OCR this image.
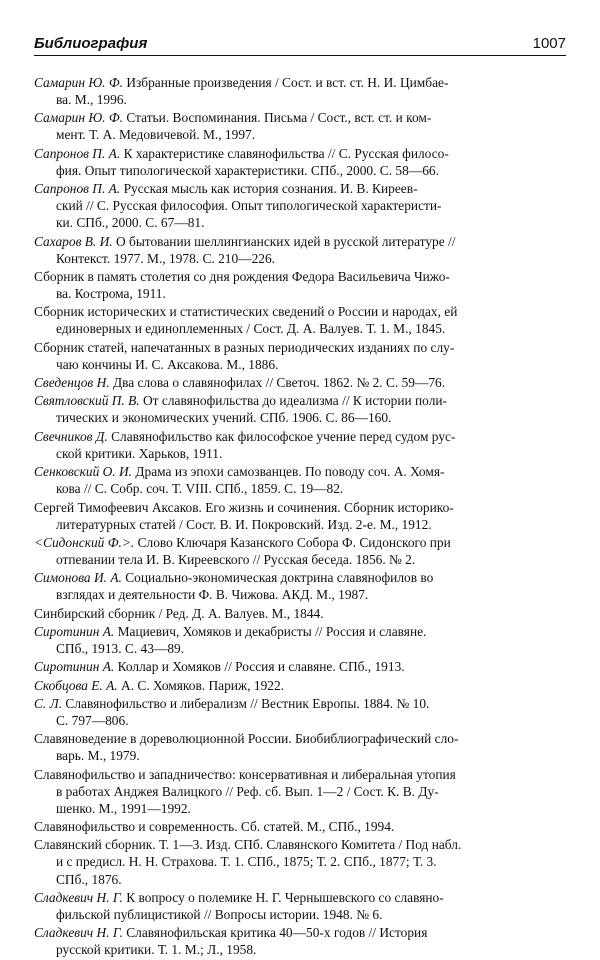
Библиография	1007
Самарин Ю. Ф. Избранные произведения / Сост. и вст. ст. Н. И. Цимбае-
ва. М., 1996.
Самарин Ю. Ф. Статьи. Воспоминания. Письма / Сост., вст. ст. и ком-
мент. Т. А. Медовичевой. М., 1997.
Сапронов П. А. К характеристике славянофильства // С. Русская филосо-
фия. Опыт типологической характеристики. СПб., 2000. С. 58—66.
Сапронов П. А. Русская мысль как история сознания. И. В. Киреев-
ский // С. Русская философия. Опыт типологической характеристи-
ки. СПб., 2000. С. 67—81.
Сахаров В. И. О бытовании шеллингианских идей в русской литературе //
Контекст. 1977. М., 1978. С. 210—226.
Сборник в память столетия со дня рождения Федора Васильевича Чижо-
ва. Кострома, 1911.
Сборник исторических и статистических сведений о России и народах, ей
единоверных и единоплеменных / Сост. Д. А. Валуев. Т. 1. М., 1845.
Сборник статей, напечатанных в разных периодических изданиях по слу-
чаю кончины И. С. Аксакова. М., 1886.
Сведенцов Н. Два слова о славянофилах // Светоч. 1862. № 2. С. 59—76.
Святловский П. В. От славянофильства до идеализма // К истории поли-
тических и экономических учений. СПб. 1906. С. 86—160.
Свечников Д. Славянофильство как философское учение перед судом рус-
ской критики. Харьков, 1911.
Сенковский О. И. Драма из эпохи самозванцев. По поводу соч. А. Хомя-
кова // С. Собр. соч. Т. VIII. СПб., 1859. С. 19—82.
Сергей Тимофеевич Аксаков. Его жизнь и сочинения. Сборник историко-
литературных статей / Сост. В. И. Покровский. Изд. 2-е. М., 1912.
<Сидонский Ф.>. Слово Ключаря Казанского Собора Ф. Сидонского при
отпевании тела И. В. Киреевского // Русская беседа. 1856. № 2.
Симонова И. А. Социально-экономическая доктрина славянофилов во
взглядах и деятельности Ф. В. Чижова. АКД. М., 1987.
Синбирский сборник / Ред. Д. А. Валуев. М., 1844.
Сиротинин А. Мациевич, Хомяков и декабристы // Россия и славяне.
СПб., 1913. С. 43—89.
Сиротинин А. Коллар и Хомяков // Россия и славяне. СПб., 1913.
Скобцова Е. А. А. С. Хомяков. Париж, 1922.
С. Л. Славянофильство и либерализм // Вестник Европы. 1884. № 10.
С. 797—806.
Славяноведение в дореволюционной России. Биобиблиографический сло-
варь. М., 1979.
Славянофильство и западничество: консервативная и либеральная утопия
в работах Анджея Валицкого // Реф. сб. Вып. 1—2 / Сост. К. В. Ду-
шенко. М., 1991—1992.
Славянофильство и современность. Сб. статей. М., СПб., 1994.
Славянский сборник. Т. 1—3. Изд. СПб. Славянского Комитета / Под набл.
и с предисл. Н. Н. Страхова. Т. 1. СПб., 1875; Т. 2. СПб., 1877; Т. 3.
СПб., 1876.
Сладкевич Н. Г. К вопросу о полемике Н. Г. Чернышевского со славяно-
фильской публицистикой // Вопросы истории. 1948. № 6.
Сладкевич Н. Г. Славянофильская критика 40—50-х годов // История
русской критики. Т. 1. М.; Л., 1958.
